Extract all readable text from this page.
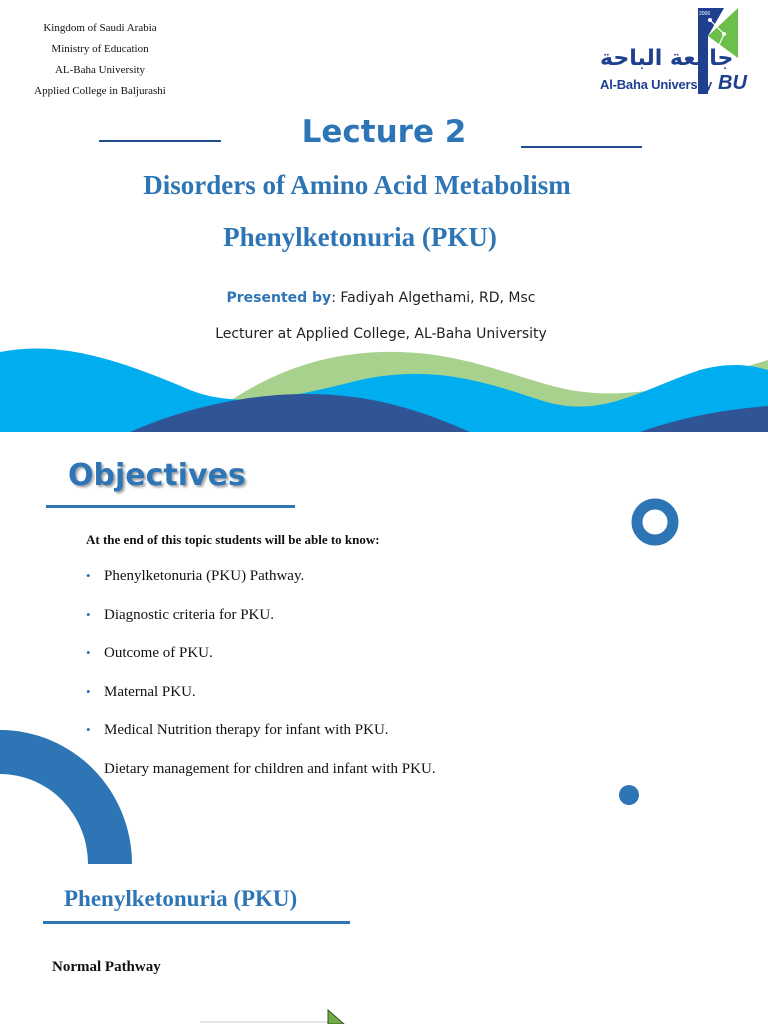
Kingdom of Saudi Arabia
Ministry of Education
AL-Baha University
Applied College in Baljurashi
2006
جامعة الباحة
Al-Baha University BU
Lecture 2
Disorders of Amino Acid Metabolism
Phenylketonuria (PKU)
Presented by: Fadiyah Algethami, RD, Msc
Lecturer at Applied College, AL-Baha University
Objectives
At the end of this topic students will be able to know:
• Phenylketonuria (PKU) Pathway.
• Diagnostic criteria for PKU.
• Outcome of PKU.
• Maternal PKU.
• Medical Nutrition therapy for infant with PKU.
• Dietary management for children and infant with PKU.
Phenylketonuria (PKU)
Normal Pathway
